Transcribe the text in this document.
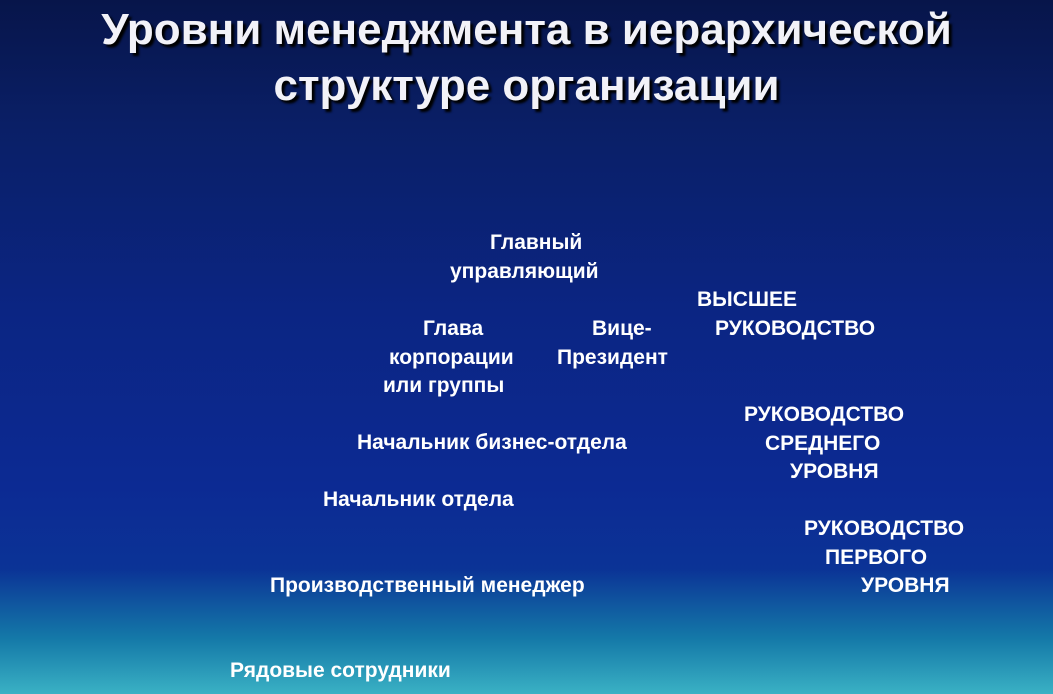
Уровни менеджмента в иерархической
структуре организации
Главный
управляющий
ВЫСШЕЕ
РУКОВОДСТВО
Глава
корпорации
или группы
Вице-
Президент
РУКОВОДСТВО
СРЕДНЕГО
УРОВНЯ
Начальник бизнес-отдела
Начальник отдела
РУКОВОДСТВО
ПЕРВОГО
УРОВНЯ
Производственный менеджер
Рядовые сотрудники
